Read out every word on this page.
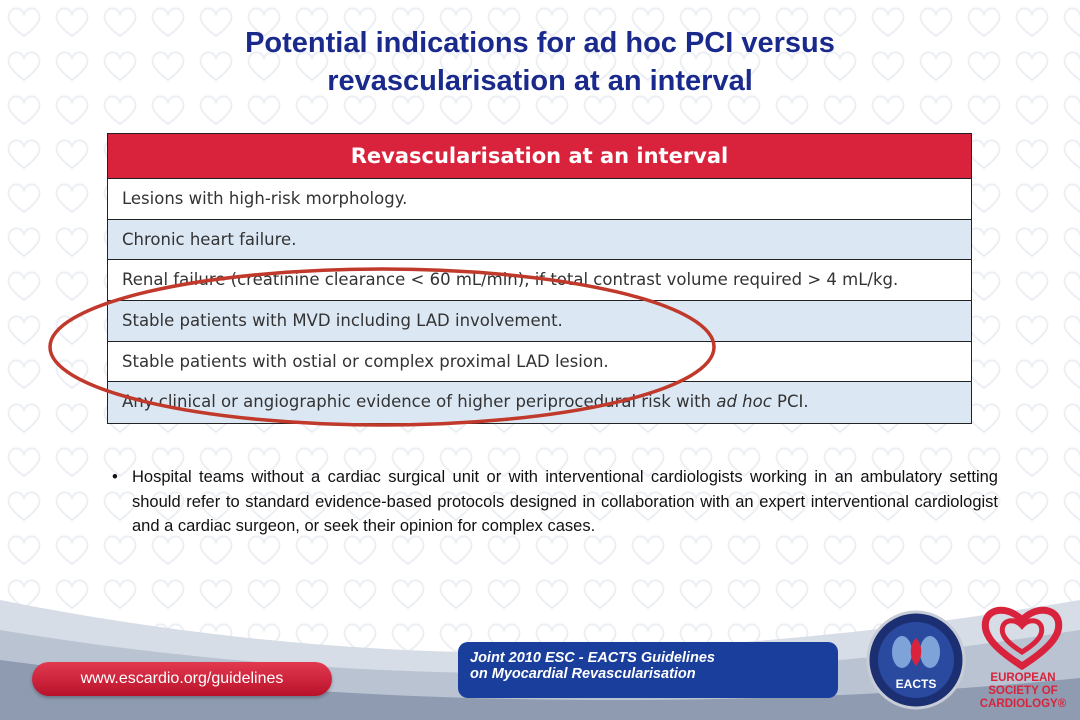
Potential indications for ad hoc PCI versus
revascularisation at an interval
Revascularisation at an interval
Lesions with high-risk morphology.
Chronic heart failure.
Renal failure (creatinine clearance < 60 mL/min), if total contrast volume required > 4 mL/kg.
Stable patients with MVD including LAD involvement.
Stable patients with ostial or complex proximal LAD lesion.
Any clinical or angiographic evidence of higher periprocedural risk with ad hoc PCI.
• Hospital teams without a cardiac surgical unit or with interventional cardiologists working in an ambulatory setting should refer to standard evidence-based protocols designed in collaboration with an expert interventional cardiologist and a cardiac surgeon, or seek their opinion for complex cases.
www.escardio.org/guidelines
Joint 2010 ESC - EACTS Guidelines
on Myocardial Revascularisation
EACTS	EUROPEAN
SOCIETY OF
CARDIOLOGY®
